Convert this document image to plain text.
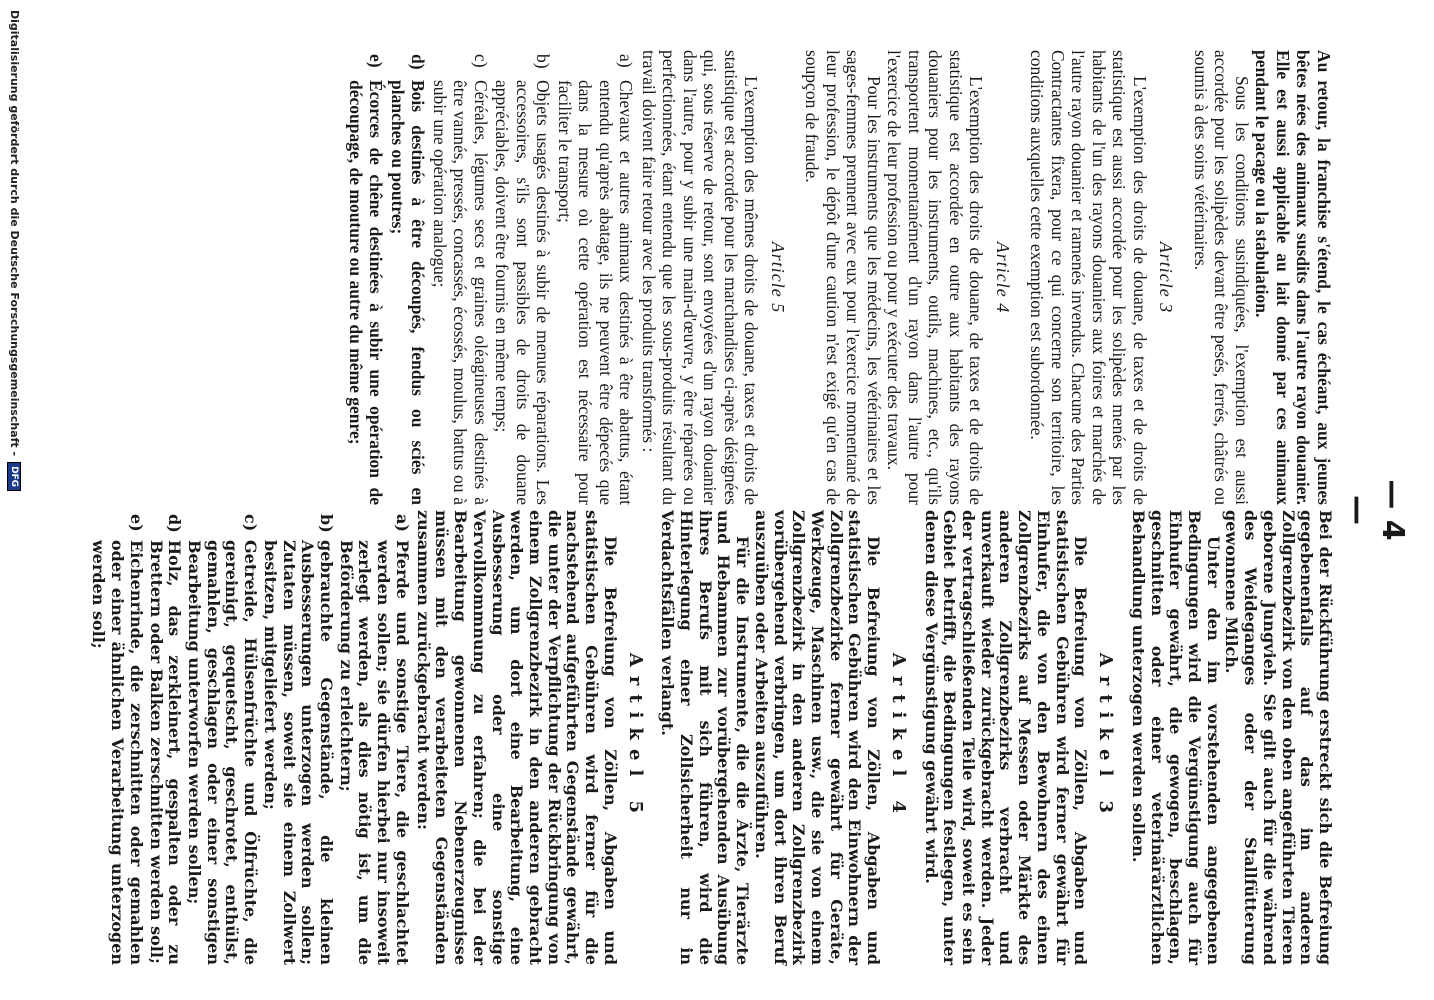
— 4 —

Bei der Rückführung erstreckt sich die Befreiung gegebenenfalls auf das im anderen Zollgrenzbezirk von den oben angeführten Tieren geborene Jungvieh. Sie gilt auch für die während des Weideganges oder der Stallfütterung gewonnene Milch.

Unter den im vorstehenden angegebenen Bedingungen wird die Vergünstigung auch für Einhufer gewährt, die gewogen, beschlagen, geschnitten oder einer veterinärärztlichen Behandlung unterzogen werden sollen.

Artikel 3

Die Befreiung von Zöllen, Abgaben und statistischen Gebühren wird ferner gewährt für Einhufer, die von den Bewohnern des einen Zollgrenzbezirks auf Messen oder Märkte des anderen Zollgrenzbezirks verbracht und unverkauft wieder zurückgebracht werden. Jeder der vertragschließenden Teile wird, soweit es sein Gebiet betrifft, die Bedingungen festlegen, unter denen diese Vergünstigung gewährt wird.

Artikel 4

Die Befreiung von Zöllen, Abgaben und statistischen Gebühren wird den Einwohnern der Zollgrenzbezirke ferner gewährt für Geräte, Werkzeuge, Maschinen usw., die sie von einem Zollgrenzbezirk in den anderen Zollgrenzbezirk vorübergehend verbringen, um dort ihren Beruf auszuüben oder Arbeiten auszuführen.

Für die Instrumente, die die Ärzte, Tierärzte und Hebammen zur vorübergehenden Ausübung ihres Berufs mit sich führen, wird die Hinterlegung einer Zollsicherheit nur in Verdachtsfällen verlangt.

Artikel 5

Die Befreiung von Zöllen, Abgaben und statistischen Gebühren wird ferner für die nachstehend aufgeführten Gegenstände gewährt, die unter der Verpflichtung der Rückbringung von einem Zollgrenzbezirk in den anderen gebracht werden, um dort eine Bearbeitung, eine Ausbesserung oder eine sonstige Vervollkommnung zu erfahren; die bei der Bearbeitung gewonnenen Nebenerzeugnisse müssen mit den verarbeiteten Gegenständen zusammen zurückgebracht werden:

a)
Pferde und sonstige Tiere, die geschlachtet werden sollen; sie dürfen hierbei nur insoweit zerlegt werden, als dies nötig ist, um die Beförderung zu erleichtern;
b)
gebrauchte Gegenstände, die kleinen Ausbesserungen unterzogen werden sollen; Zutaten müssen, soweit sie einem Zollwert besitzen, mitgeliefert werden;
c)
Getreide, Hülsenfrüchte und Ölfrüchte, die gereinigt, gequetscht, geschrotet, enthülst, gemahlen, geschlagen oder einer sonstigen Bearbeitung unterworfen werden sollen;
d)
Holz, das zerkleinert, gespalten oder zu Brettern oder Balken zerschnitten werden soll;
e)
Eichenrinde, die zerschnitten oder gemahlen oder einer ähnlichen Verarbeitung unterzogen werden soll;

Au retour, la franchise s'étend, le cas échéant, aux jeunes bêtes nées des animaux susdits dans l'autre rayon douanier. Elle est aussi applicable au lait donné par ces animaux pendant le pacage ou la stabulation.

Sous les conditions susindiquées, l'exemption est aussi accordée pour les solipèdes devant être pesés, ferrés, châtrés ou soumis à des soins vétérinaires.

Article 3

L'exemption des droits de douane, de taxes et de droits de statistique est aussi accordée pour les solipèdes menés par les habitants de l'un des rayons douaniers aux foires et marchés de l'autre rayon douanier et ramenés invendus. Chacune des Parties Contractantes fixera, pour ce qui concerne son territoire, les conditions auxquelles cette exemption est subordonnée.

Article 4

L'exemption des droits de douane, de taxes et de droits de statistique est accordée en outre aux habitants des rayons douaniers pour les instruments, outils, machines, etc., qu'ils transportent momentanément d'un rayon dans l'autre pour l'exercice de leur profession ou pour y exécuter des travaux.

Pour les instruments que les médecins, les vétérinaires et les sages-femmes prennent avec eux pour l'exercice momentané de leur profession, le dépôt d'une caution n'est exigé qu'en cas de soupçon de fraude.

Article 5

L'exemption des mêmes droits de douane, taxes et droits de statistique est accordée pour les marchandises ci-après désignées qui, sous réserve de retour, sont envoyées d'un rayon douanier dans l'autre, pour y subir une main-d'œuvre, y être réparées ou perfectionnées, étant entendu que les sous-produits résultant du travail doivent faire retour avec les produits transformés :

a)
Chevaux et autres animaux destinés à être abattus, étant entendu qu'après abatage, ils ne peuvent être dépecés que dans la mesure où cette opération est nécessaire pour faciliter le transport;
b)
Objets usagés destinés à subir de menues réparations. Les accessoires, s'ils sont passibles de droits de douane appréciables, doivent être fournis en même temps;
c)
Céréales, légumes secs et graines oléagineuses destinés à être vannés, pressés, concassés, écossés, moulus, battus ou à subir une opération analogue;
d)
Bois destinés à être découpés, fendus ou sciés en planches ou poutres;
e)
Écorces de chêne destinées à subir une opération de découpage, de mouture ou autre du même genre;
Digitalisierung gefördert durch die Deutsche Forschungsgemeinschaft -DFG
